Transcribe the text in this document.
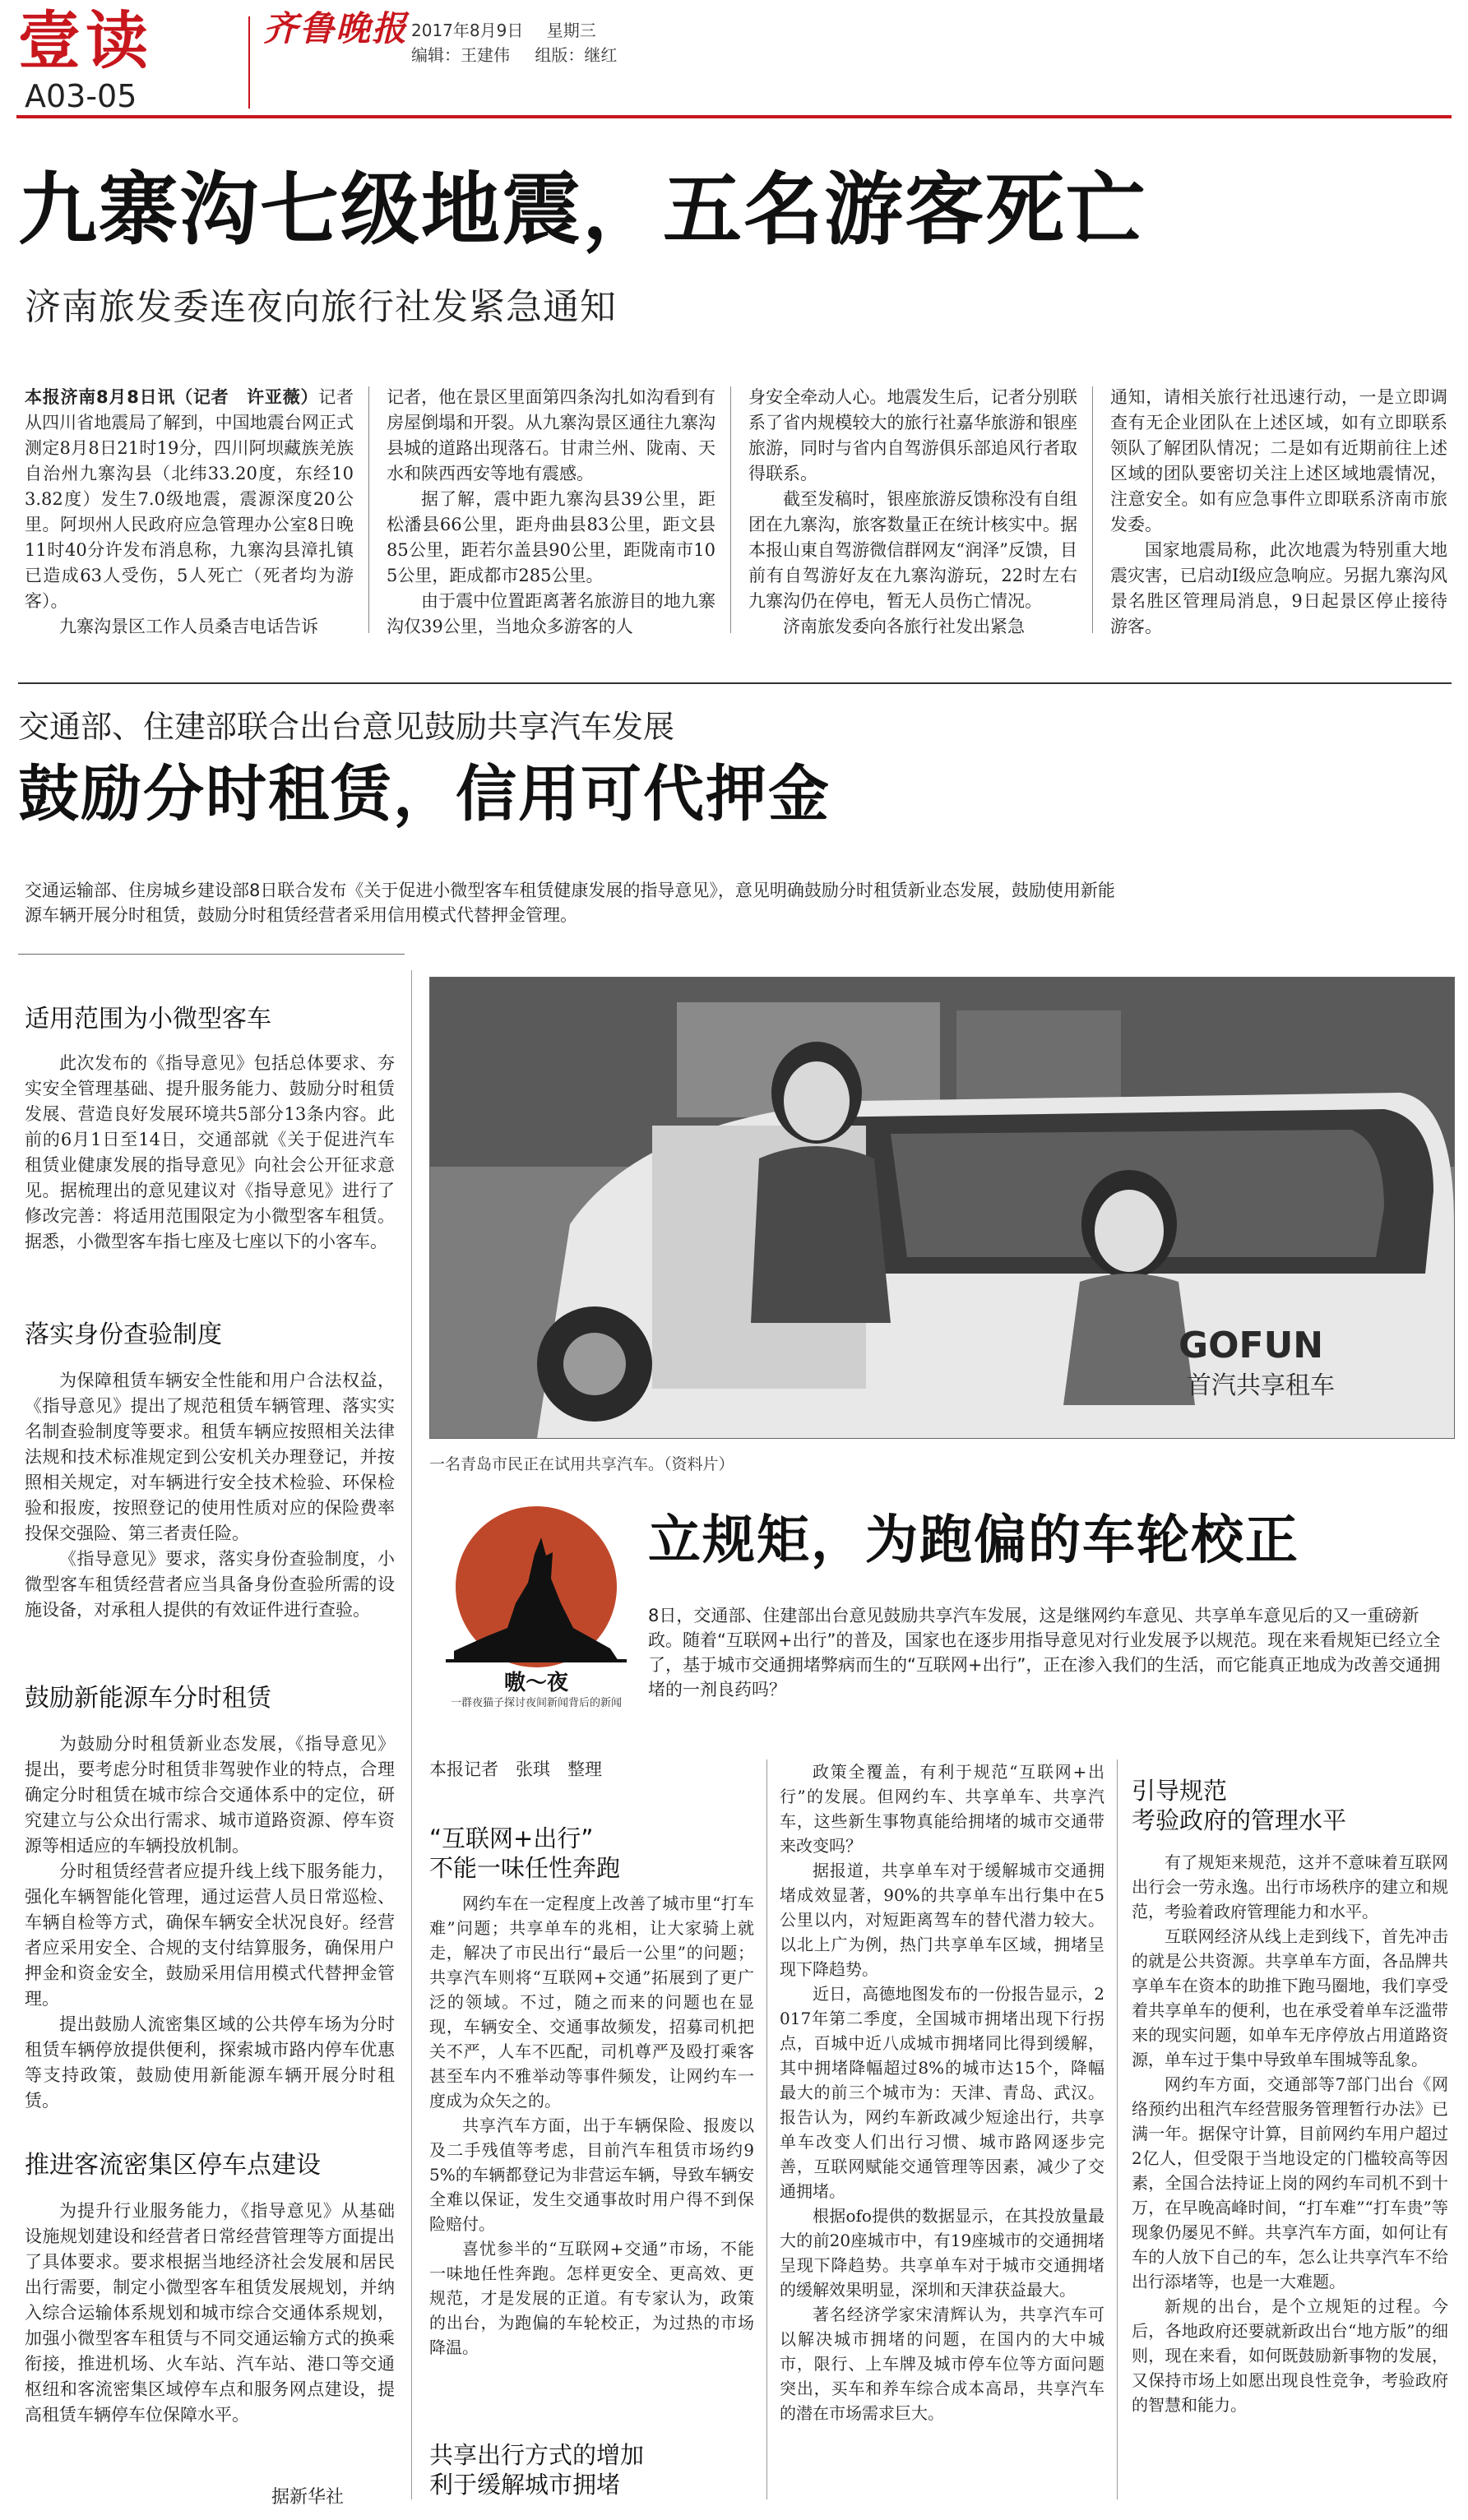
壹读
A03-05
齐鲁晚报 2017年8月9日 星期三
编辑：王建伟 组版：继红
九寨沟七级地震，五名游客死亡
济南旅发委连夜向旅行社发紧急通知

本报济南8月8日讯（记者　许亚薇）记者从四川省地震局了解到，中国地震台网正式测定8月8日21时19分，四川阿坝藏族羌族自治州九寨沟县（北纬33.20度，东经103.82度）发生7.0级地震，震源深度20公里。阿坝州人民政府应急管理办公室8日晚11时40分许发布消息称，九寨沟县漳扎镇已造成63人受伤，5人死亡（死者均为游客）。

九寨沟景区工作人员桑吉电话告诉

记者，他在景区里面第四条沟扎如沟看到有房屋倒塌和开裂。从九寨沟景区通往九寨沟县城的道路出现落石。甘肃兰州、陇南、天水和陕西西安等地有震感。

据了解，震中距九寨沟县39公里，距松潘县66公里，距舟曲县83公里，距文县85公里，距若尔盖县90公里，距陇南市105公里，距成都市285公里。

由于震中位置距离著名旅游目的地九寨沟仅39公里，当地众多游客的人

身安全牵动人心。地震发生后，记者分别联系了省内规模较大的旅行社嘉华旅游和银座旅游，同时与省内自驾游俱乐部追风行者取得联系。

截至发稿时，银座旅游反馈称没有自组团在九寨沟，旅客数量正在统计核实中。据本报山東自驾游微信群网友“润泽”反馈，目前有自驾游好友在九寨沟游玩，22时左右九寨沟仍在停电，暂无人员伤亡情况。

济南旅发委向各旅行社发出紧急

通知，请相关旅行社迅速行动，一是立即调查有无企业团队在上述区域，如有立即联系领队了解团队情况；二是如有近期前往上述区域的团队要密切关注上述区域地震情况，注意安全。如有应急事件立即联系济南市旅发委。

国家地震局称，此次地震为特别重大地震灾害，已启动Ⅰ级应急响应。另据九寨沟风景名胜区管理局消息，9日起景区停止接待游客。

交通部、住建部联合出台意见鼓励共享汽车发展
鼓励分时租赁，信用可代押金
交通运输部、住房城乡建设部8日联合发布《关于促进小微型客车租赁健康发展的指导意见》，意见明确鼓励分时租赁新业态发展，鼓励使用新能源车辆开展分时租赁，鼓励分时租赁经营者采用信用模式代替押金管理。
适用范围为小微型客车

此次发布的《指导意见》包括总体要求、夯实安全管理基础、提升服务能力、鼓励分时租赁发展、营造良好发展环境共5部分13条内容。此前的6月1日至14日，交通部就《关于促进汽车租赁业健康发展的指导意见》向社会公开征求意见。据梳理出的意见建议对《指导意见》进行了修改完善：将适用范围限定为小微型客车租赁。据悉，小微型客车指七座及七座以下的小客车。

落实身份查验制度

为保障租赁车辆安全性能和用户合法权益，《指导意见》提出了规范租赁车辆管理、落实实名制查验制度等要求。租赁车辆应按照相关法律法规和技术标准规定到公安机关办理登记，并按照相关规定，对车辆进行安全技术检验、环保检验和报废，按照登记的使用性质对应的保险费率投保交强险、第三者责任险。

《指导意见》要求，落实身份查验制度，小微型客车租赁经营者应当具备身份查验所需的设施设备，对承租人提供的有效证件进行查验。

鼓励新能源车分时租赁

为鼓励分时租赁新业态发展，《指导意见》提出，要考虑分时租赁非驾驶作业的特点，合理确定分时租赁在城市综合交通体系中的定位，研究建立与公众出行需求、城市道路资源、停车资源等相适应的车辆投放机制。

分时租赁经营者应提升线上线下服务能力，强化车辆智能化管理，通过运营人员日常巡检、车辆自检等方式，确保车辆安全状况良好。经营者应采用安全、合规的支付结算服务，确保用户押金和资金安全，鼓励采用信用模式代替押金管理。

提出鼓励人流密集区域的公共停车场为分时租赁车辆停放提供便利，探索城市路内停车优惠等支持政策，鼓励使用新能源车辆开展分时租赁。

推进客流密集区停车点建设

为提升行业服务能力，《指导意见》从基础设施规划建设和经营者日常经营管理等方面提出了具体要求。要求根据当地经济社会发展和居民出行需要，制定小微型客车租赁发展规划，并纳入综合运输体系规划和城市综合交通体系规划，加强小微型客车租赁与不同交通运输方式的换乘衔接，推进机场、火车站、汽车站、港口等交通枢纽和客流密集区域停车点和服务网点建设，提高租赁车辆停车位保障水平。

据新华社
GOFUN
首汽共享租车
一名青岛市民正在试用共享汽车。（资料片）
嗷～夜
一群夜猫子探讨夜间新闻背后的新闻
立规矩，为跑偏的车轮校正
8日，交通部、住建部出台意见鼓励共享汽车发展，这是继网约车意见、共享单车意见后的又一重磅新政。随着“互联网+出行”的普及，国家也在逐步用指导意见对行业发展予以规范。现在来看规矩已经立全了，基于城市交通拥堵弊病而生的“互联网+出行”，正在渗入我们的生活，而它能真正地成为改善交通拥堵的一剂良药吗？
本报记者　张琪　整理
“互联网+出行”
不能一味任性奔跑

网约车在一定程度上改善了城市里“打车难”问题；共享单车的兆相，让大家骑上就走，解决了市民出行“最后一公里”的问题；共享汽车则将“互联网+交通”拓展到了更广泛的领域。不过，随之而来的问题也在显现，车辆安全、交通事故频发，招募司机把关不严，人车不匹配，司机尊严及殴打乘客甚至车内不雅举动等事件频发，让网约车一度成为众矢之的。

共享汽车方面，出于车辆保险、报废以及二手残值等考虑，目前汽车租赁市场约95%的车辆都登记为非营运车辆，导致车辆安全难以保证，发生交通事故时用户得不到保险赔付。

喜忧参半的“互联网+交通”市场，不能一味地任性奔跑。怎样更安全、更高效、更规范，才是发展的正道。有专家认为，政策的出台，为跑偏的车轮校正，为过热的市场降温。

共享出行方式的增加
利于缓解城市拥堵

政策全覆盖，有利于规范“互联网+出行”的发展。但网约车、共享单车、共享汽车，这些新生事物真能给拥堵的城市交通带来改变吗？

据报道，共享单车对于缓解城市交通拥堵成效显著，90%的共享单车出行集中在5公里以内，对短距离驾车的替代潜力较大。以北上广为例，热门共享单车区域，拥堵呈现下降趋势。

近日，高德地图发布的一份报告显示，2017年第二季度，全国城市拥堵出现下行拐点，百城中近八成城市拥堵同比得到缓解，其中拥堵降幅超过8%的城市达15个，降幅最大的前三个城市为：天津、青岛、武汉。报告认为，网约车新政减少短途出行，共享单车改变人们出行习惯、城市路网逐步完善，互联网赋能交通管理等因素，减少了交通拥堵。

根据ofo提供的数据显示，在其投放量最大的前20座城市中，有19座城市的交通拥堵呈现下降趋势。共享单车对于城市交通拥堵的缓解效果明显，深圳和天津获益最大。

著名经济学家宋清辉认为，共享汽车可以解决城市拥堵的问题，在国内的大中城市，限行、上车牌及城市停车位等方面问题突出，买车和养车综合成本高昂，共享汽车的潜在市场需求巨大。

引导规范
考验政府的管理水平

有了规矩来规范，这并不意味着互联网出行会一劳永逸。出行市场秩序的建立和规范，考验着政府管理能力和水平。

互联网经济从线上走到线下，首先冲击的就是公共资源。共享单车方面，各品牌共享单车在资本的助推下跑马圈地，我们享受着共享单车的便利，也在承受着单车泛滥带来的现实问题，如单车无序停放占用道路资源，单车过于集中导致单车围城等乱象。

网约车方面，交通部等7部门出台《网络预约出租汽车经营服务管理暂行办法》已满一年。据保守计算，目前网约车用户超过2亿人，但受限于当地设定的门槛较高等因素，全国合法持证上岗的网约车司机不到十万，在早晚高峰时间，“打车难”“打车贵”等现象仍屡见不鲜。共享汽车方面，如何让有车的人放下自己的车，怎么让共享汽车不给出行添堵等，也是一大难题。

新规的出台，是个立规矩的过程。今后，各地政府还要就新政出台“地方版”的细则，现在来看，如何既鼓励新事物的发展，又保持市场上如愿出现良性竞争，考验政府的智慧和能力。
